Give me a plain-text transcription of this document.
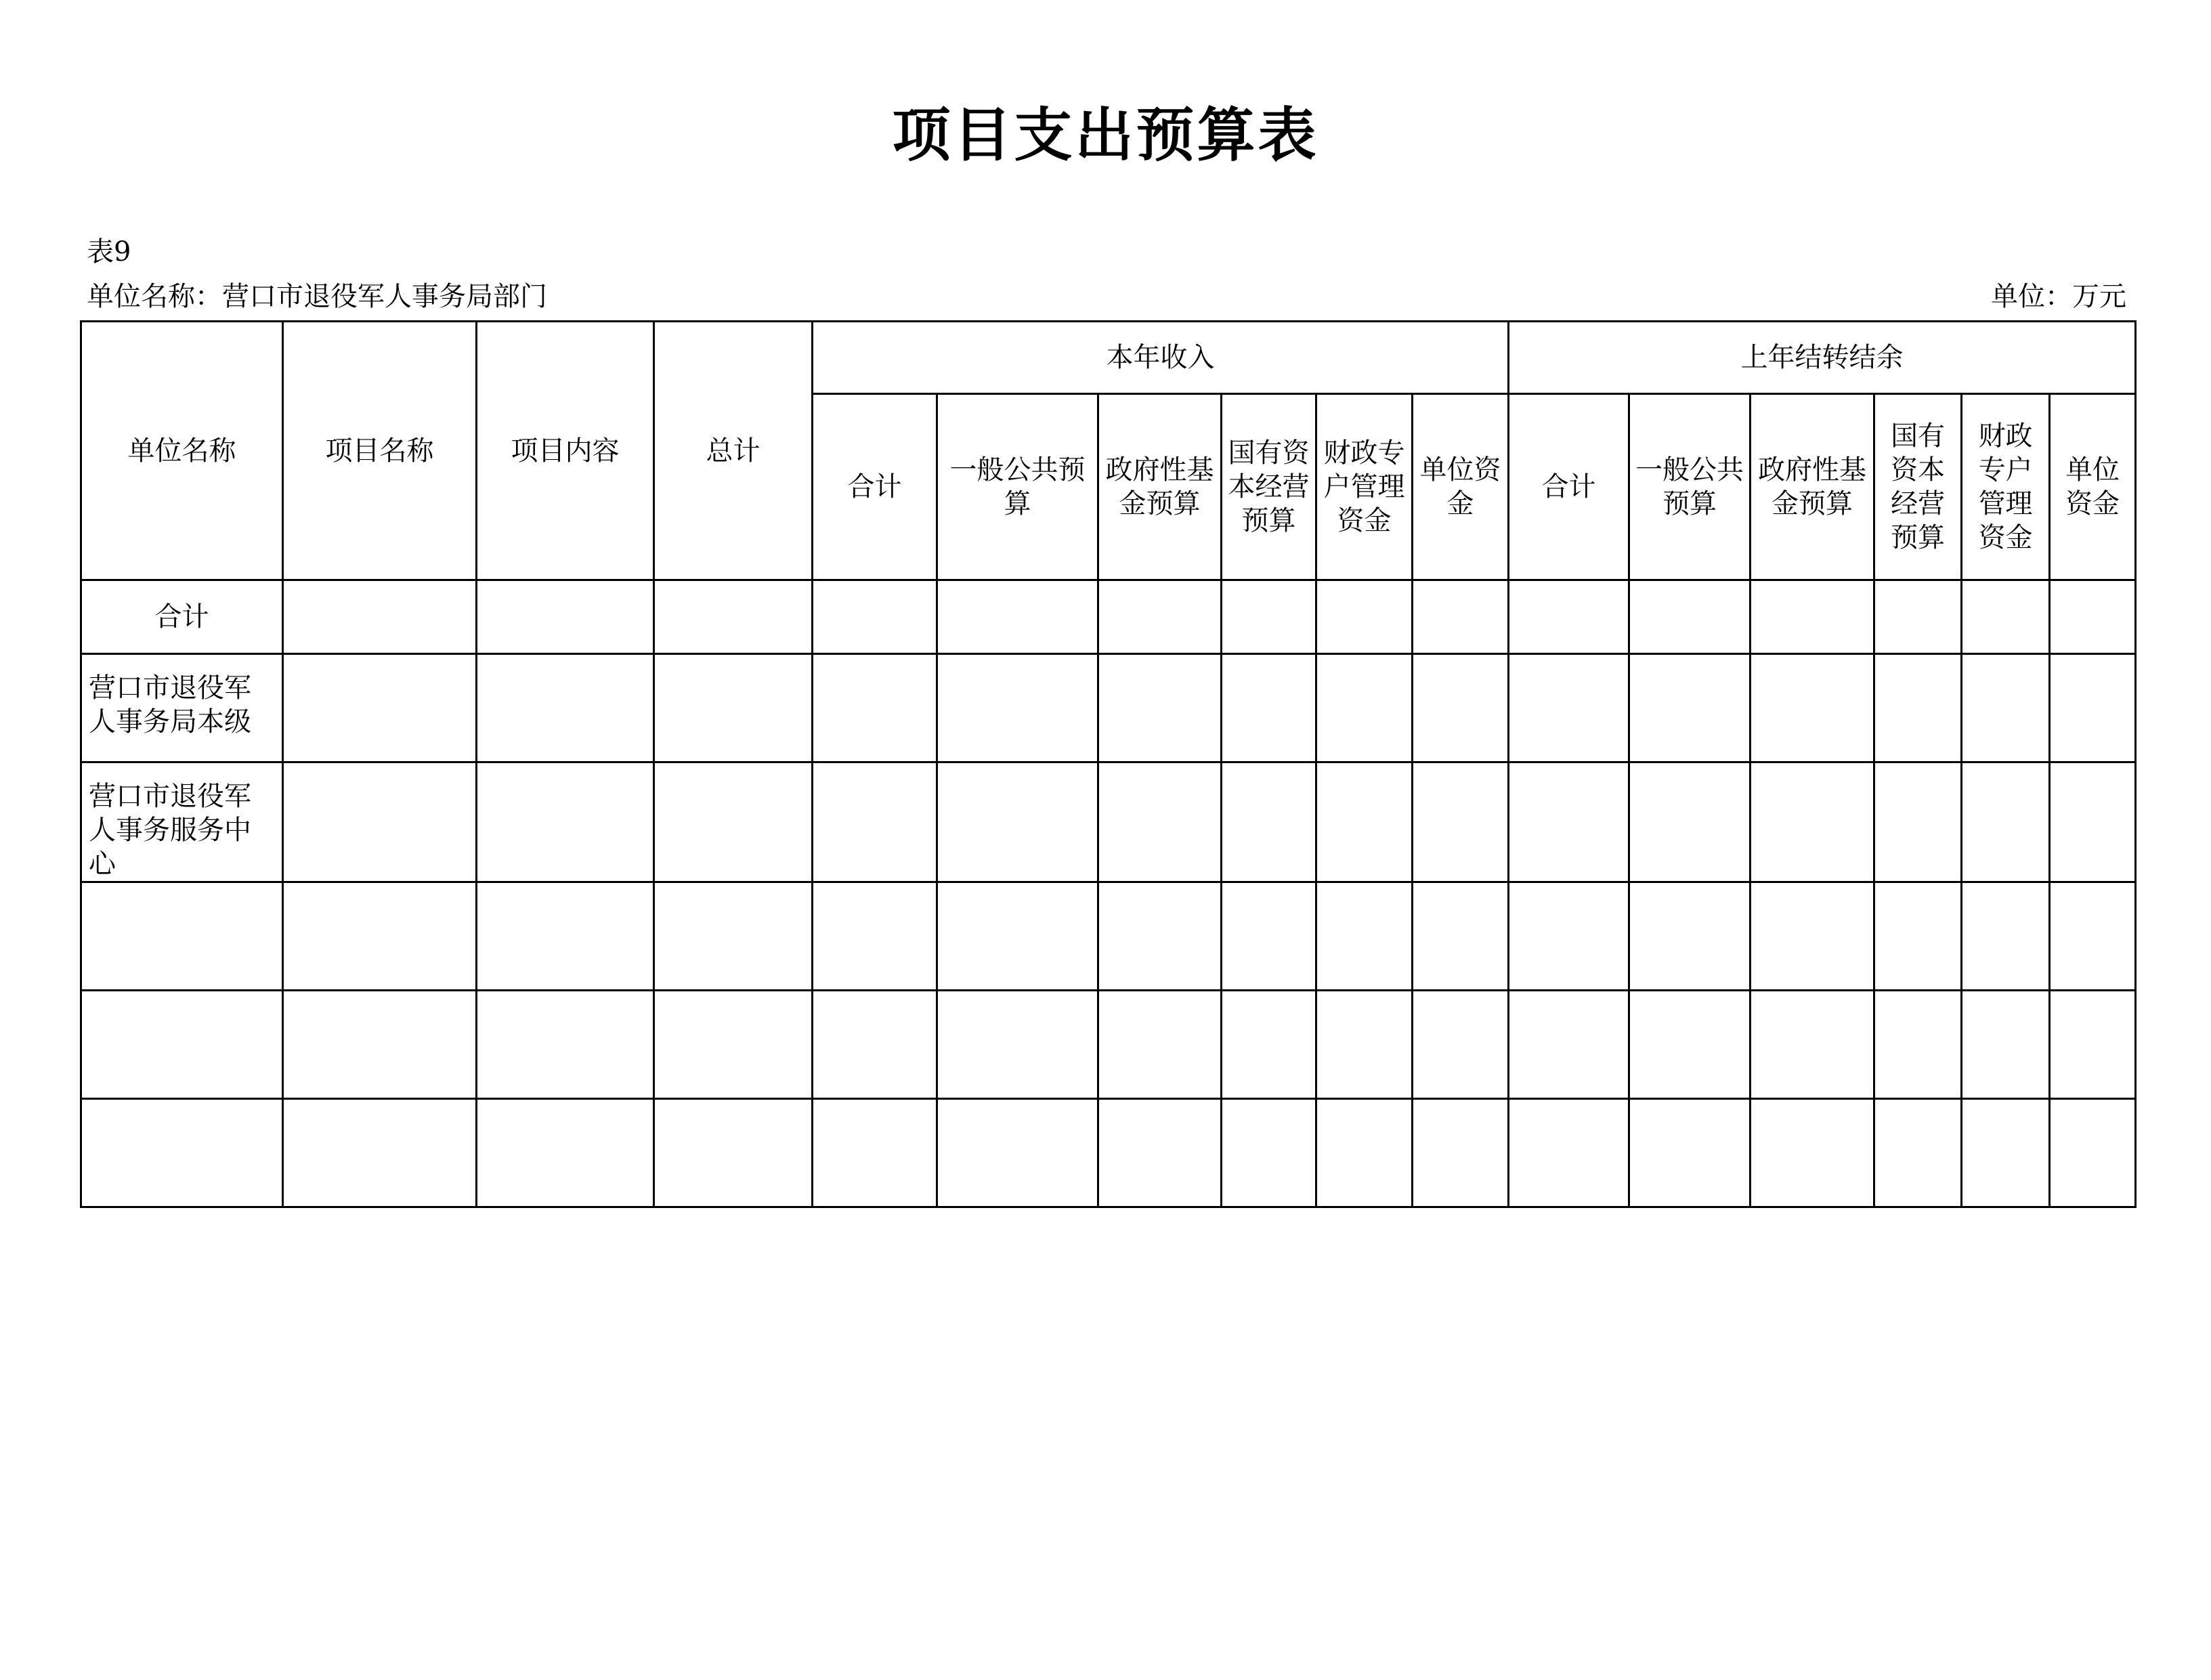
项目支出预算表
表9
单位名称：营口市退役军人事务局部门	单位：万元
单位名称	项目名称	项目内容	总计	本年收入						上年结转结余					
				合计	一般公共预算	政府性基金预算	国有资本经营预算	财政专户管理资金	单位资金	合计	一般公共预算	政府性基金预算	国有资本经营预算	财政专户管理资金	单位资金
合计															
营口市退役军人事务局本级															
营口市退役军人事务服务中心															
